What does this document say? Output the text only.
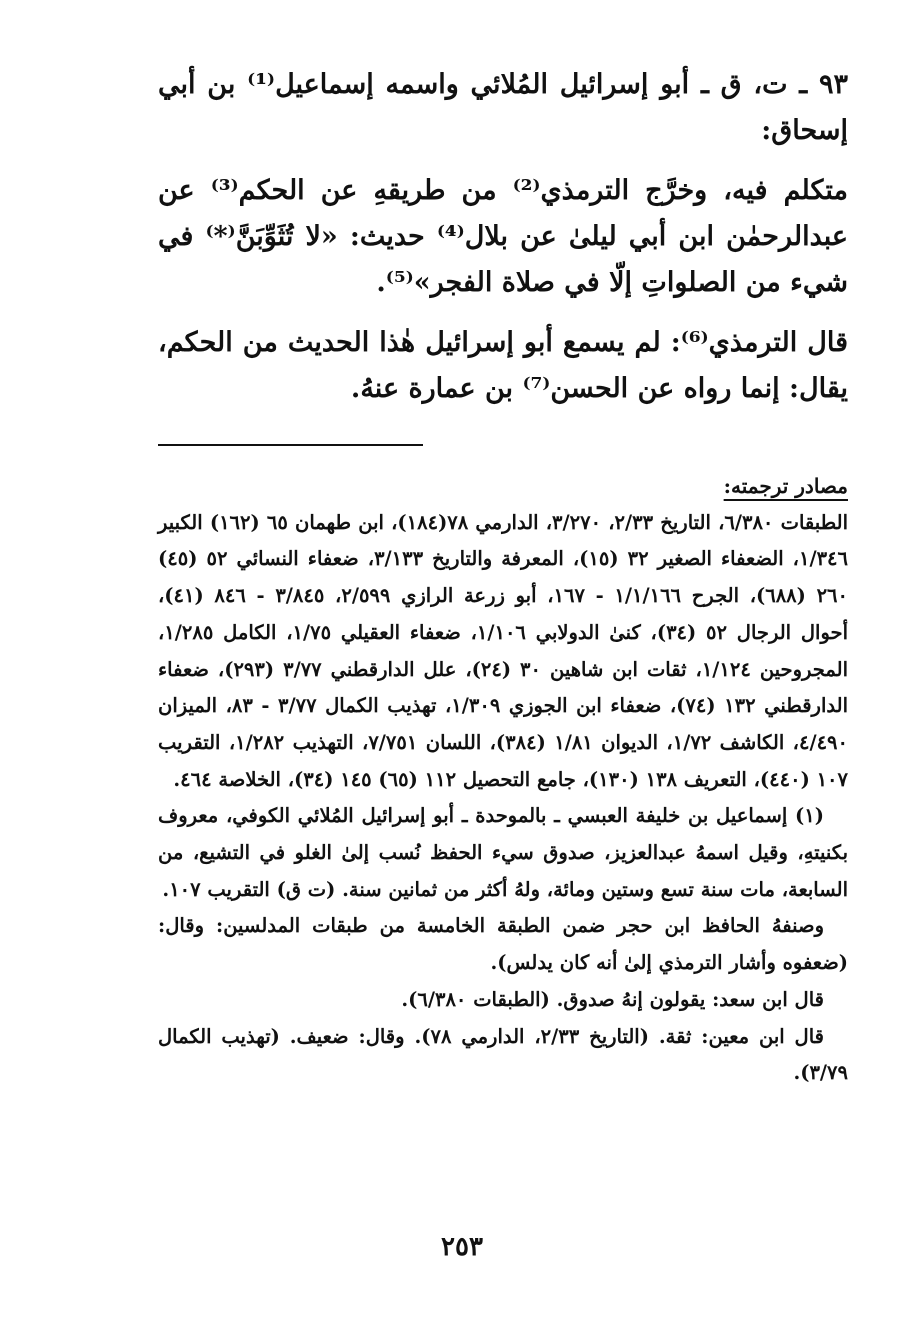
٩٣ ـ ت، ق ـ أبو إسرائيل المُلائي واسمه إسماعيل⁽¹⁾ بن أبي إسحاق:

متكلم فيه، وخرَّج الترمذي⁽²⁾ من طريقهِ عن الحكم⁽³⁾ عن عبدالرحمٰن ابن أبي ليلىٰ عن بلال⁽⁴⁾ حديث: «لا تُثَوِّبَنَّ⁽*⁾ في شيء من الصلواتِ إلّا في صلاة الفجر»⁽⁵⁾.

قال الترمذي⁽⁶⁾: لم يسمع أبو إسرائيل هٰذا الحديث من الحكم، يقال: إنما رواه عن الحسن⁽⁷⁾ بن عمارة عنهُ.

مصادر ترجمته:

الطبقات ٦/٣٨٠، التاريخ ٢/٣٣، ٣/٢٧٠، الدارمي ٧٨(١٨٤)، ابن طهمان ٦٥ (١٦٢) الكبير ١/٣٤٦، الضعفاء الصغير ٣٢ (١٥)، المعرفة والتاريخ ٣/١٣٣، ضعفاء النسائي ٥٢ (٤٥) ٢٦٠ (٦٨٨)، الجرح ١/١/١٦٦ - ١٦٧، أبو زرعة الرازي ٢/٥٩٩، ٣/٨٤٥ - ٨٤٦ (٤١)، أحوال الرجال ٥٢ (٣٤)، كنىٰ الدولابي ١/١٠٦، ضعفاء العقيلي ١/٧٥، الكامل ١/٢٨٥، المجروحين ١/١٢٤، ثقات ابن شاهين ٣٠ (٢٤)، علل الدارقطني ٣/٧٧ (٢٩٣)، ضعفاء الدارقطني ١٣٢ (٧٤)، ضعفاء ابن الجوزي ١/٣٠٩، تهذيب الكمال ٣/٧٧ - ٨٣، الميزان ٤/٤٩٠، الكاشف ١/٧٢، الديوان ١/٨١ (٣٨٤)، اللسان ٧/٧٥١، التهذيب ١/٢٨٢، التقريب ١٠٧ (٤٤٠)، التعريف ١٣٨ (١٣٠)، جامع التحصيل ١١٢ (٦٥) ١٤٥ (٣٤)، الخلاصة ٤٦٤.

(١) إسماعيل بن خليفة العبسي ـ بالموحدة ـ أبو إسرائيل المُلائي الكوفي، معروف بكنيتهِ، وقيل اسمهُ عبدالعزيز، صدوق سيء الحفظ نُسب إلىٰ الغلو في التشيع، من السابعة، مات سنة تسع وستين ومائة، ولهُ أكثر من ثمانين سنة. (ت ق) التقريب ١٠٧.

وصنفهُ الحافظ ابن حجر ضمن الطبقة الخامسة من طبقات المدلسين: وقال: (ضعفوه وأشار الترمذي إلىٰ أنه كان يدلس).

قال ابن سعد: يقولون إنهُ صدوق. (الطبقات ٦/٣٨٠).

قال ابن معين: ثقة. (التاريخ ٢/٣٣، الدارمي ٧٨). وقال: ضعيف. (تهذيب الكمال ٣/٧٩).

٢٥٣
